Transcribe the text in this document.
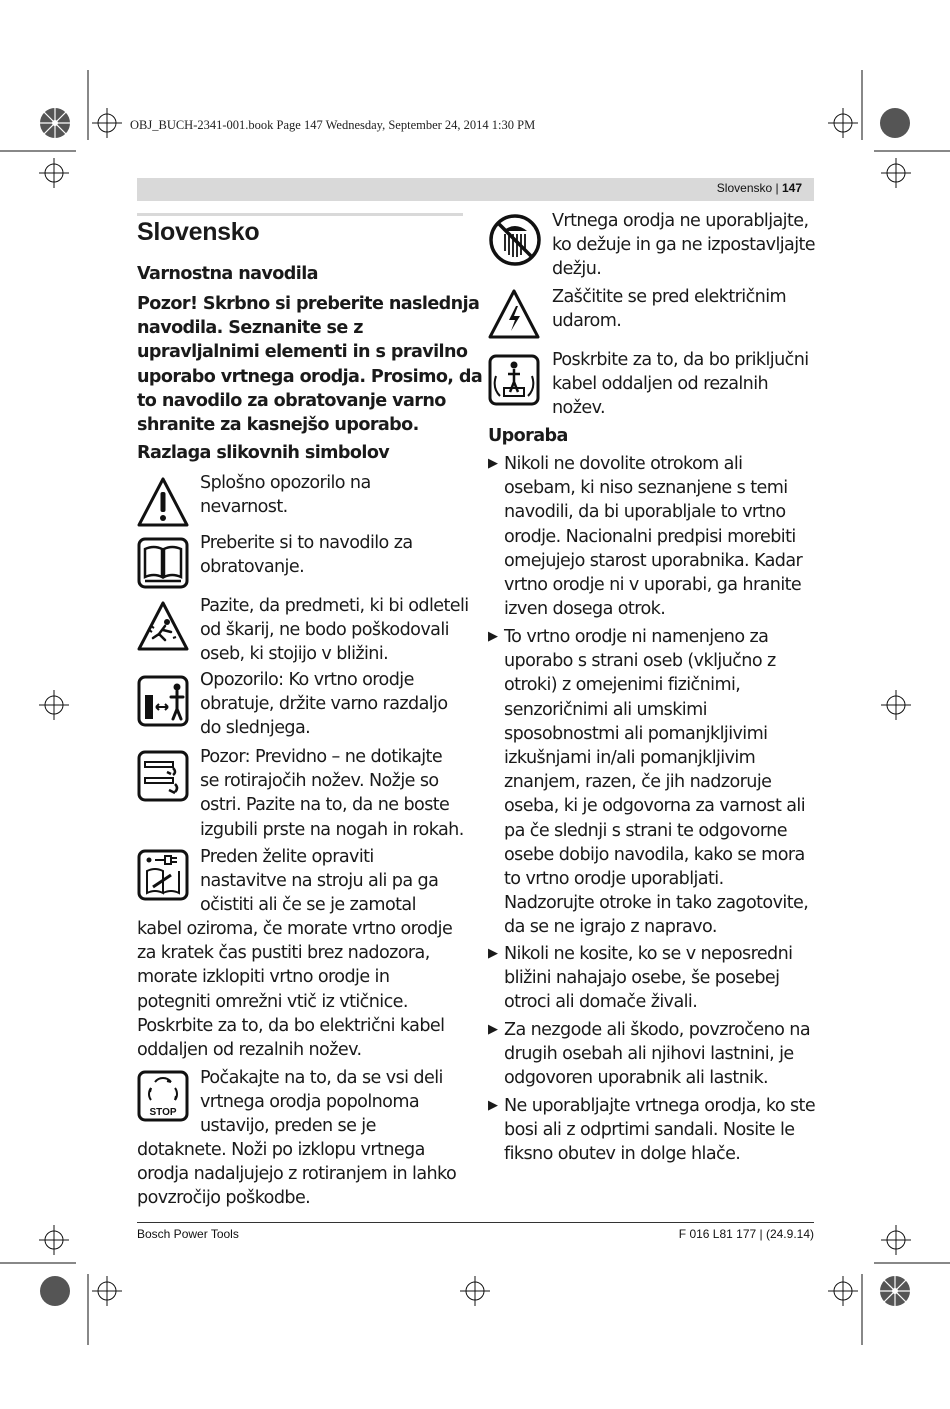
OBJ_BUCH-2341-001.book Page 147 Wednesday, September 24, 2014 1:30 PM
Slovensko | 147
Slovensko
Varnostna navodila
Pozor! Skrbno si preberite naslednja
navodila. Seznanite se z
upravljalnimi elementi in s pravilno
uporabo vrtnega orodja. Prosimo, da
to navodilo za obratovanje varno
shranite za kasnejšo uporabo.
Razlaga slikovnih simbolov
Splošno opozorilo na
nevarnost.
Preberite si to navodilo za
obratovanje.
Pazite, da predmeti, ki bi odleteli
od škarij, ne bodo poškodovali
oseb, ki stojijo v bližini.
Opozorilo: Ko vrtno orodje
obratuje, držite varno razdaljo
do slednjega.
Pozor: Previdno – ne dotikajte
se rotirajočih nožev. Nožje so
ostri. Pazite na to, da ne boste
izgubili prste na nogah in rokah.
Preden želite opraviti
nastavitve na stroju ali pa ga
očistiti ali če se je zamotal
kabel oziroma, če morate vrtno orodje
za kratek čas pustiti brez nadozora,
morate izklopiti vrtno orodje in
potegniti omrežni vtič iz vtičnice.
Poskrbite za to, da bo električni kabel
oddaljen od rezalnih nožev.
STOP
Počakajte na to, da se vsi deli
vrtnega orodja popolnoma
ustavijo, preden se je
dotaknete. Noži po izklopu vrtnega
orodja nadaljujejo z rotiranjem in lahko
povzročijo poškodbe.
Vrtnega orodja ne uporabljajte,
ko dežuje in ga ne izpostavljajte
dežju.
Zaščitite se pred električnim
udarom.
Poskrbite za to, da bo priključni
kabel oddaljen od rezalnih
nožev.
Uporaba
▶ Nikoli ne dovolite otrokom ali
osebam, ki niso seznanjene s temi
navodili, da bi uporabljale to vrtno
orodje. Nacionalni predpisi morebiti
omejujejo starost uporabnika. Kadar
vrtno orodje ni v uporabi, ga hranite
izven dosega otrok.
▶ To vrtno orodje ni namenjeno za
uporabo s strani oseb (vključno z
otroki) z omejenimi fizičnimi,
senzoričnimi ali umskimi
sposobnostmi ali pomanjkljivimi
izkušnjami in/ali pomanjkljivim
znanjem, razen, če jih nadzoruje
oseba, ki je odgovorna za varnost ali
pa če slednji s strani te odgovorne
osebe dobijo navodila, kako se mora
to vrtno orodje uporabljati.
Nadzorujte otroke in tako zagotovite,
da se ne igrajo z napravo.
▶ Nikoli ne kosite, ko se v neposredni
bližini nahajajo osebe, še posebej
otroci ali domače živali.
▶ Za nezgode ali škodo, povzročeno na
drugih osebah ali njihovi lastnini, je
odgovoren uporabnik ali lastnik.
▶ Ne uporabljajte vrtnega orodja, ko ste
bosi ali z odprtimi sandali. Nosite le
fiksno obutev in dolge hlače.
Bosch Power Tools	F 016 L81 177 | (24.9.14)
